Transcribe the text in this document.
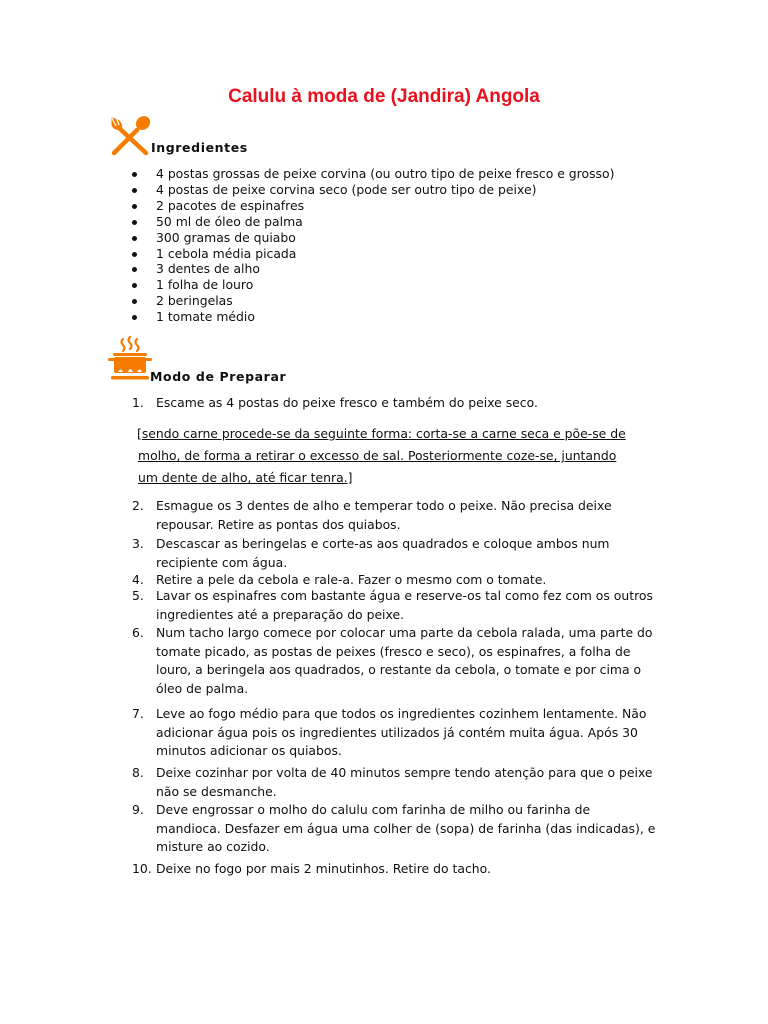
Calulu à moda de (Jandira) Angola
Ingredientes
4 postas grossas de peixe corvina (ou outro tipo de peixe fresco e grosso)
4 postas de peixe corvina seco (pode ser outro tipo de peixe)
2 pacotes de espinafres
50 ml de óleo de palma
300 gramas de quiabo
1 cebola média picada
3 dentes de alho
1 folha de louro
2 beringelas
1 tomate médio
Modo de Preparar
1. Escame as 4 postas do peixe fresco e também do peixe seco.
[sendo carne procede-se da seguinte forma: corta-se a carne seca e põe-se de
molho, de forma a retirar o excesso de sal. Posteriormente coze-se, juntando
um dente de alho, até ficar tenra.]
2. Esmague os 3 dentes de alho e temperar todo o peixe. Não precisa deixe repousar. Retire as pontas dos quiabos.
3. Descascar as beringelas e corte-as aos quadrados e coloque ambos num recipiente com água.
4. Retire a pele da cebola e rale-a. Fazer o mesmo com o tomate.
5. Lavar os espinafres com bastante água e reserve-os tal como fez com os outros ingredientes até a preparação do peixe.
6. Num tacho largo comece por colocar uma parte da cebola ralada, uma parte do tomate picado, as postas de peixes (fresco e seco), os espinafres, a folha de louro, a beringela aos quadrados, o restante da cebola, o tomate e por cima o óleo de palma.
7. Leve ao fogo médio para que todos os ingredientes cozinhem lentamente. Não adicionar água pois os ingredientes utilizados já contém muita água. Após 30 minutos adicionar os quiabos.
8. Deixe cozinhar por volta de 40 minutos sempre tendo atenção para que o peixe não se desmanche.
9. Deve engrossar o molho do calulu com farinha de milho ou farinha de mandioca. Desfazer em água uma colher de (sopa) de farinha (das indicadas), e misture ao cozido.
10. Deixe no fogo por mais 2 minutinhos. Retire do tacho.
